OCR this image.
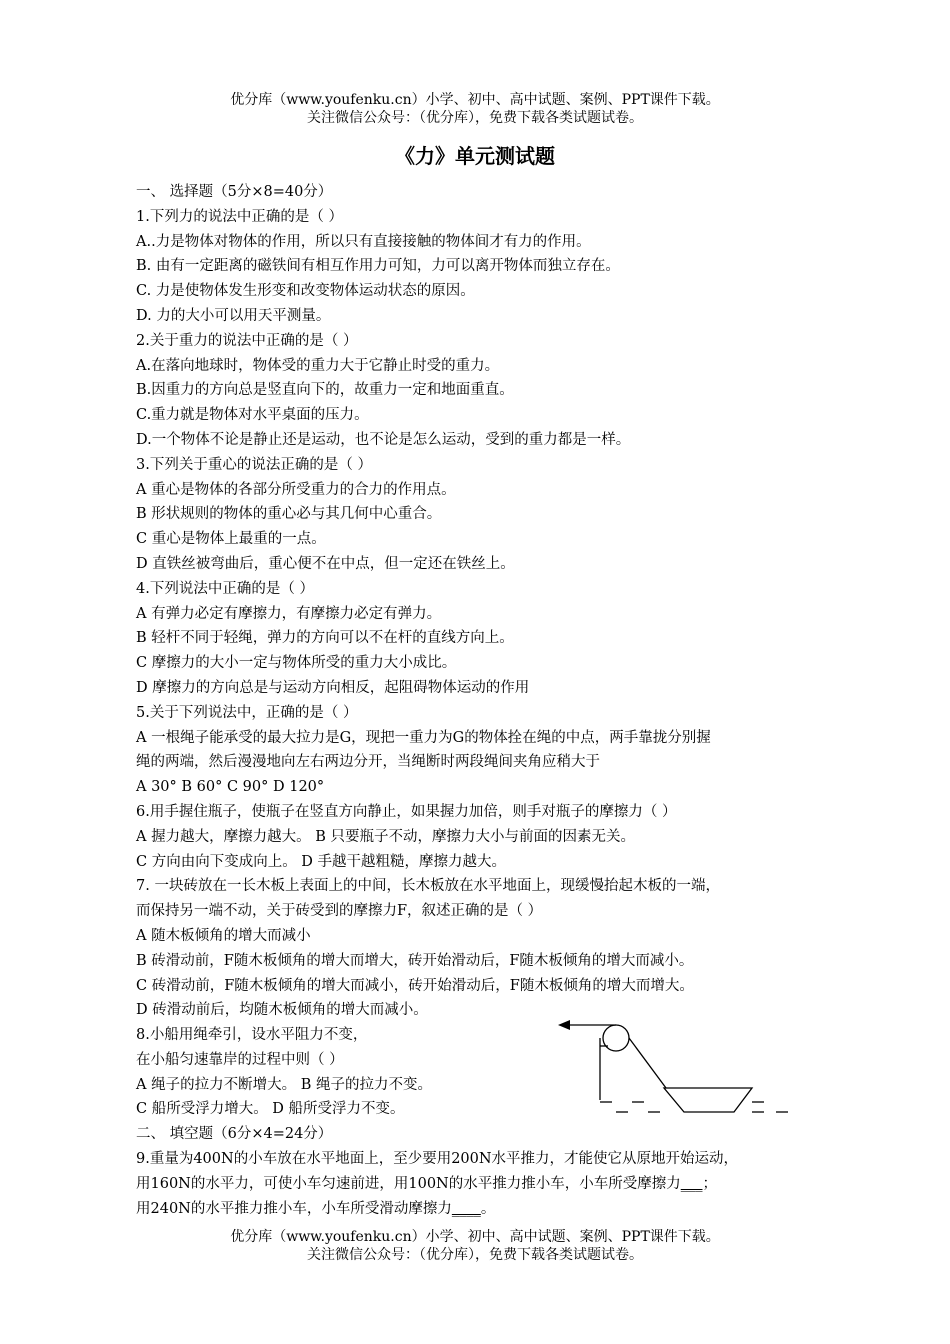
优分库（www.youfenku.cn）小学、初中、高中试题、案例、PPT课件下载。
关注微信公众号：（优分库），免费下载各类试题试卷。
《力》单元测试题
一、 选择题（5分×8=40分）
1.下列力的说法中正确的是（ ）
A..力是物体对物体的作用，所以只有直接接触的物体间才有力的作用。
B. 由有一定距离的磁铁间有相互作用力可知，力可以离开物体而独立存在。
C. 力是使物体发生形变和改变物体运动状态的原因。
D. 力的大小可以用天平测量。
2.关于重力的说法中正确的是（ ）
A.在落向地球时，物体受的重力大于它静止时受的重力。
B.因重力的方向总是竖直向下的，故重力一定和地面重直。
C.重力就是物体对水平桌面的压力。
D.一个物体不论是静止还是运动，也不论是怎么运动，受到的重力都是一样。
3.下列关于重心的说法正确的是（ ）
A 重心是物体的各部分所受重力的合力的作用点。
B 形状规则的物体的重心必与其几何中心重合。
C 重心是物体上最重的一点。
D 直铁丝被弯曲后，重心便不在中点，但一定还在铁丝上。
4.下列说法中正确的是（ ）
A 有弹力必定有摩擦力，有摩擦力必定有弹力。
B 轻杆不同于轻绳，弹力的方向可以不在杆的直线方向上。
C 摩擦力的大小一定与物体所受的重力大小成比。
D 摩擦力的方向总是与运动方向相反，起阻碍物体运动的作用
5.关于下列说法中，正确的是（ ）
A 一根绳子能承受的最大拉力是G，现把一重力为G的物体拴在绳的中点，两手靠拢分别握
绳的两端，然后漫漫地向左右两边分开，当绳断时两段绳间夹角应稍大于
A 30° B 60° C 90° D 120°
6.用手握住瓶子，使瓶子在竖直方向静止，如果握力加倍，则手对瓶子的摩擦力（ ）
A 握力越大，摩擦力越大。 B 只要瓶子不动，摩擦力大小与前面的因素无关。
C 方向由向下变成向上。 D 手越干越粗糙，摩擦力越大。
7. 一块砖放在一长木板上表面上的中间，长木板放在水平地面上，现缓慢抬起木板的一端，
而保持另一端不动，关于砖受到的摩擦力F，叙述正确的是（ ）
A 随木板倾角的增大而减小
B 砖滑动前，F随木板倾角的增大而增大，砖开始滑动后，F随木板倾角的增大而减小。
C 砖滑动前，F随木板倾角的增大而减小，砖开始滑动后，F随木板倾角的增大而增大。
D 砖滑动前后，均随木板倾角的增大而减小。
8.小船用绳牵引，设水平阻力不变，
在小船匀速靠岸的过程中则（ ）
A 绳子的拉力不断增大。 B 绳子的拉力不变。
C 船所受浮力增大。 D 船所受浮力不变。
二、 填空题（6分×4=24分）
9.重量为400N的小车放在水平地面上，至少要用200N水平推力，才能使它从原地开始运动，
用160N的水平力，可使小车匀速前进，用100N的水平推力推小车，小车所受摩擦力___；
用240N的水平推力推小车，小车所受滑动摩擦力____。
优分库（www.youfenku.cn）小学、初中、高中试题、案例、PPT课件下载。
关注微信公众号：（优分库），免费下载各类试题试卷。
